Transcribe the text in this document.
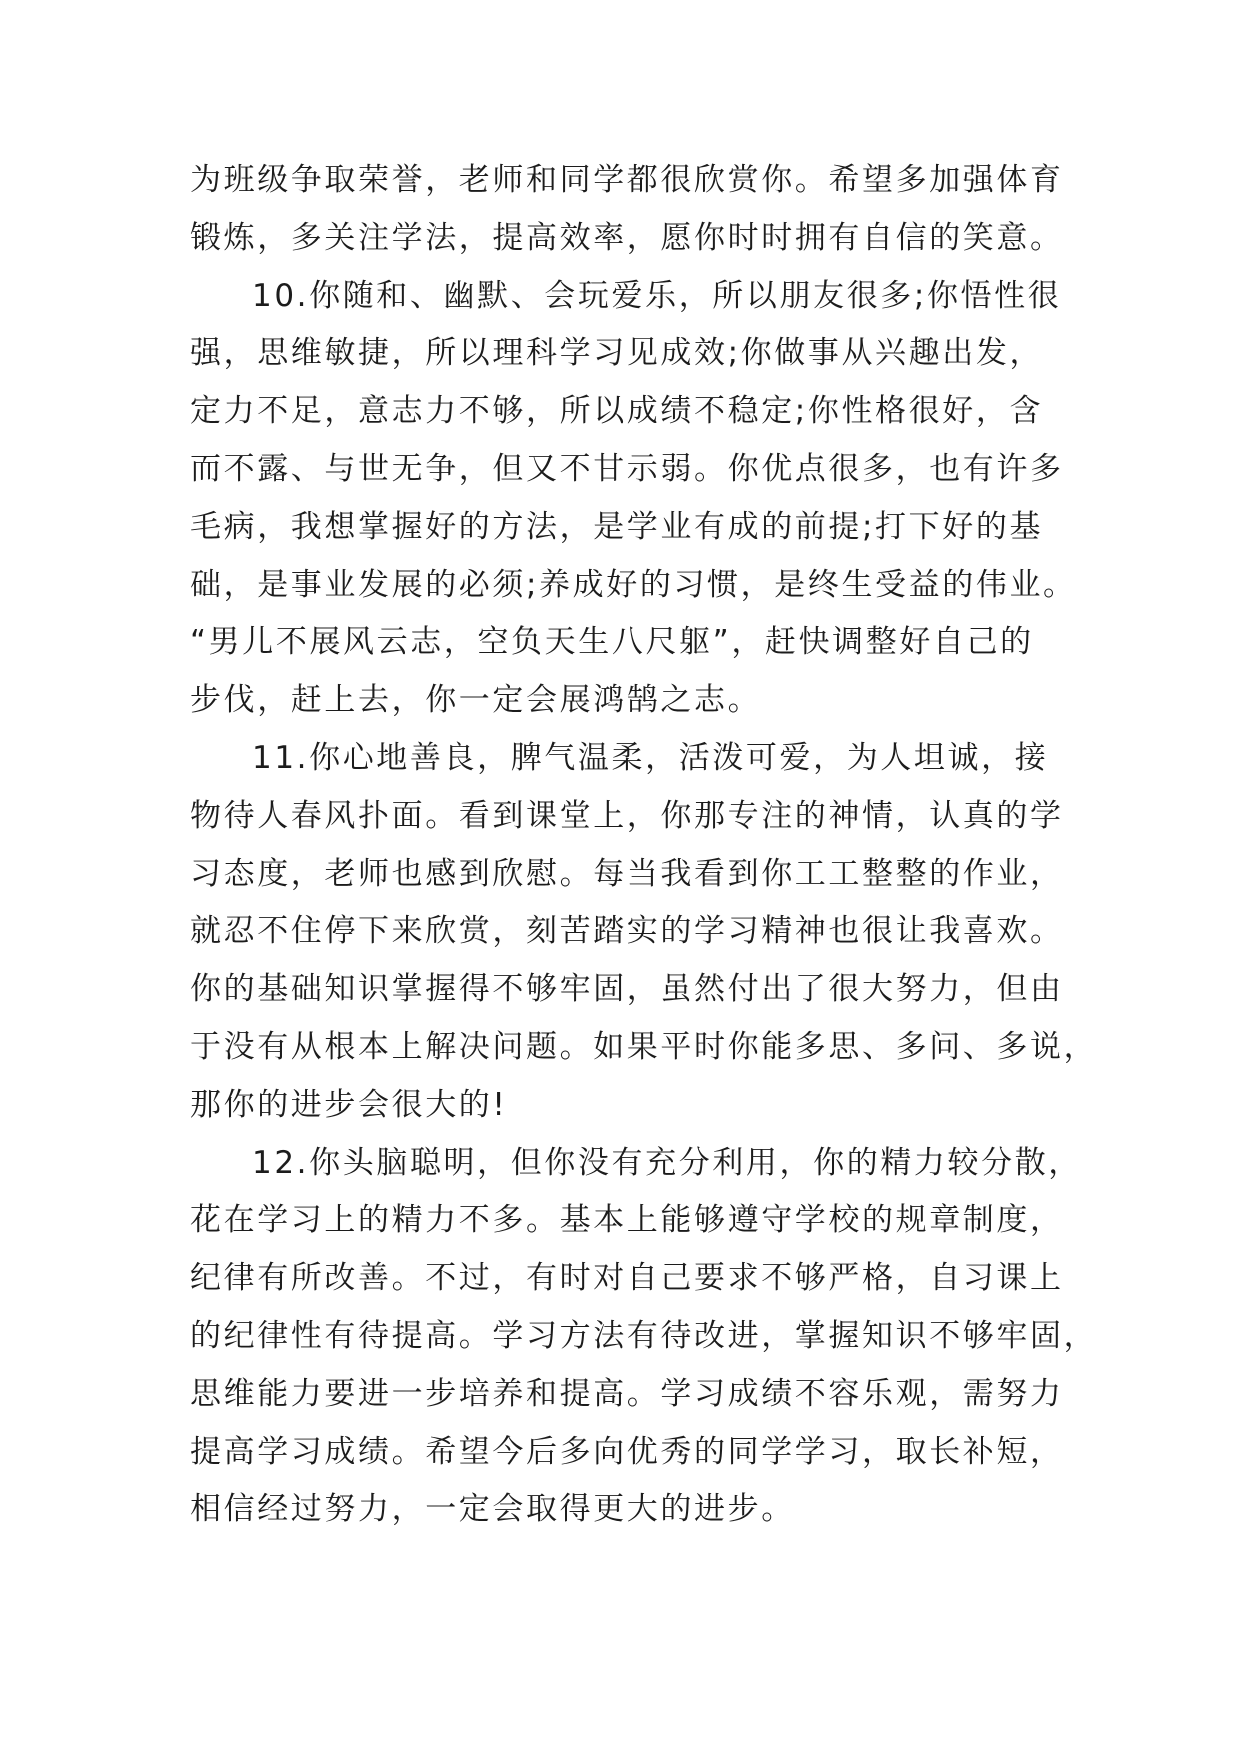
为班级争取荣誉，老师和同学都很欣赏你。希望多加强体育
锻炼，多关注学法，提高效率，愿你时时拥有自信的笑意。
10.你随和、幽默、会玩爱乐，所以朋友很多;你悟性很
强，思维敏捷，所以理科学习见成效;你做事从兴趣出发，
定力不足，意志力不够，所以成绩不稳定;你性格很好，含
而不露、与世无争，但又不甘示弱。你优点很多，也有许多
毛病，我想掌握好的方法，是学业有成的前提;打下好的基
础，是事业发展的必须;养成好的习惯，是终生受益的伟业。
“男儿不展风云志，空负天生八尺躯”，赶快调整好自己的
步伐，赶上去，你一定会展鸿鹄之志。
11.你心地善良，脾气温柔，活泼可爱，为人坦诚，接
物待人春风扑面。看到课堂上，你那专注的神情，认真的学
习态度，老师也感到欣慰。每当我看到你工工整整的作业，
就忍不住停下来欣赏，刻苦踏实的学习精神也很让我喜欢。
你的基础知识掌握得不够牢固，虽然付出了很大努力，但由
于没有从根本上解决问题。如果平时你能多思、多问、多说，
那你的进步会很大的!
12.你头脑聪明，但你没有充分利用，你的精力较分散，
花在学习上的精力不多。基本上能够遵守学校的规章制度，
纪律有所改善。不过，有时对自己要求不够严格，自习课上
的纪律性有待提高。学习方法有待改进，掌握知识不够牢固，
思维能力要进一步培养和提高。学习成绩不容乐观，需努力
提高学习成绩。希望今后多向优秀的同学学习，取长补短，
相信经过努力，一定会取得更大的进步。
